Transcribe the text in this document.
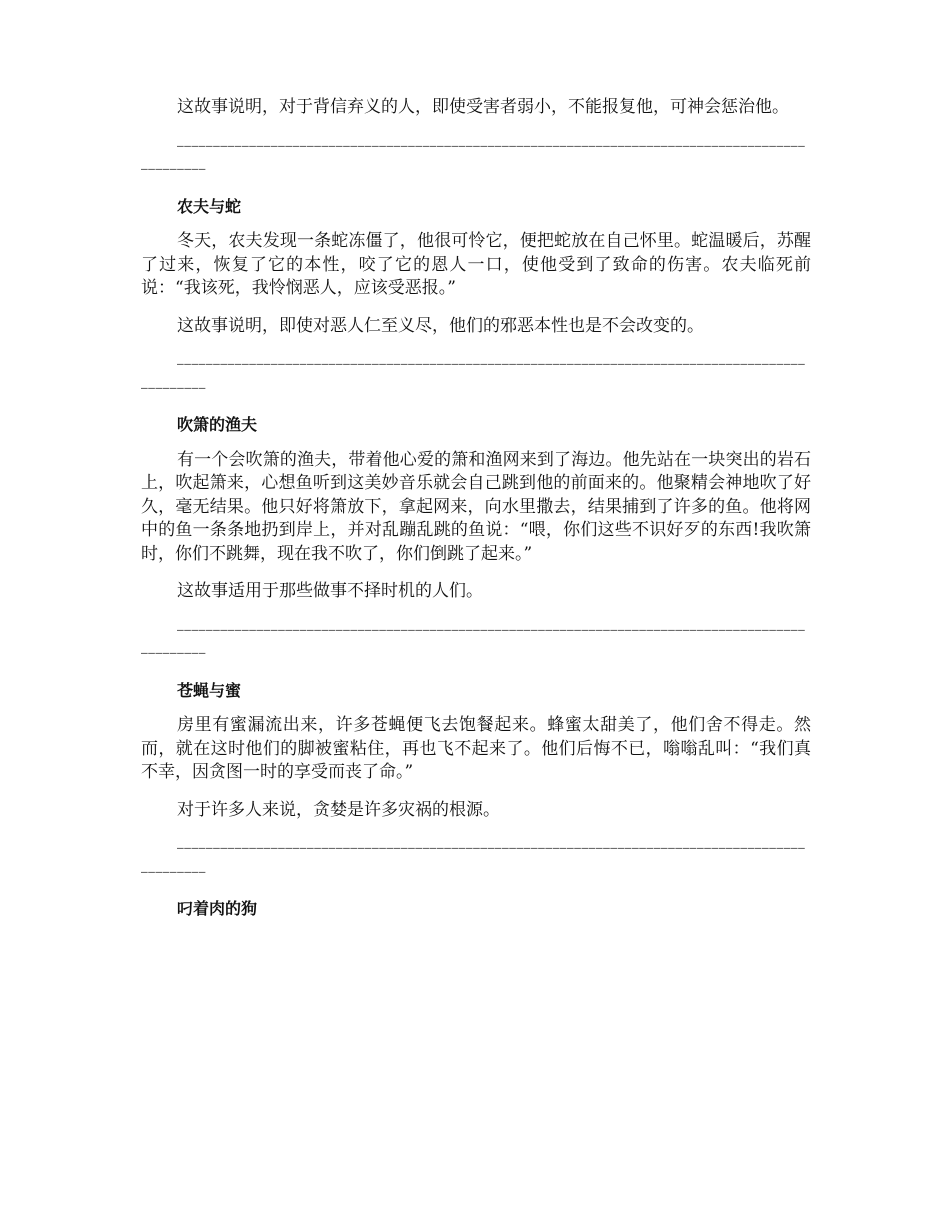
这故事说明，对于背信弃义的人，即使受害者弱小，不能报复他，可神会惩治他。

————————————————————————————————————————————————————————————————————————————————————————————————

农夫与蛇

冬天，农夫发现一条蛇冻僵了，他很可怜它，便把蛇放在自己怀里。蛇温暖后，苏醒了过来，恢复了它的本性，咬了它的恩人一口，使他受到了致命的伤害。农夫临死前说：“我该死，我怜悯恶人，应该受恶报。”

这故事说明，即使对恶人仁至义尽，他们的邪恶本性也是不会改变的。

————————————————————————————————————————————————————————————————————————————————————————————————

吹箫的渔夫

有一个会吹箫的渔夫，带着他心爱的箫和渔网来到了海边。他先站在一块突出的岩石上，吹起箫来，心想鱼听到这美妙音乐就会自己跳到他的前面来的。他聚精会神地吹了好久，毫无结果。他只好将箫放下，拿起网来，向水里撒去，结果捕到了许多的鱼。他将网中的鱼一条条地扔到岸上，并对乱蹦乱跳的鱼说：“喂，你们这些不识好歹的东西!我吹箫时，你们不跳舞，现在我不吹了，你们倒跳了起来。”

这故事适用于那些做事不择时机的人们。

————————————————————————————————————————————————————————————————————————————————————————————————

苍蝇与蜜

房里有蜜漏流出来，许多苍蝇便飞去饱餐起来。蜂蜜太甜美了，他们舍不得走。然而，就在这时他们的脚被蜜粘住，再也飞不起来了。他们后悔不已，嗡嗡乱叫：“我们真不幸，因贪图一时的享受而丧了命。”

对于许多人来说，贪婪是许多灾祸的根源。

————————————————————————————————————————————————————————————————————————————————————————————————

叼着肉的狗
